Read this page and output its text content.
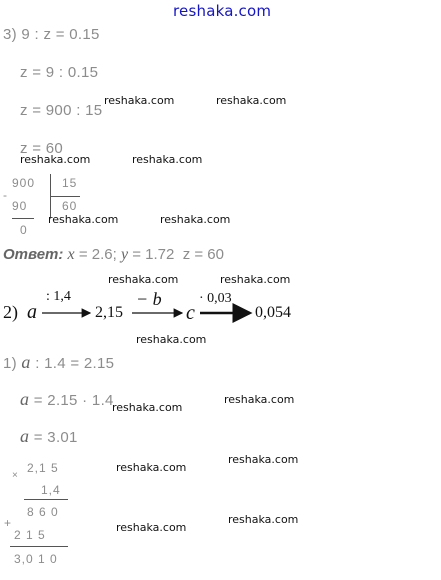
reshaka.com
3) 9 : z = 0.15
z = 9 : 0.15
z = 900 : 15
z = 60
900
-
15
90	60
0
Ответ: x = 2.6; y = 1.72 z = 60
2) a
: 1,4
2,15
− b
c
· 0,03
0,054
1) a : 1.4 = 2.15
a = 2.15 · 1.4
a = 3.01
×
2,1 5
1,4
8 6 0
+
2 1 5
3,0 1 0
reshaka.com	reshaka.com
reshaka.com	reshaka.com
reshaka.com	reshaka.com
reshaka.com	reshaka.com
reshaka.com
reshaka.com
reshaka.com
reshaka.com
reshaka.com
reshaka.com
reshaka.com
